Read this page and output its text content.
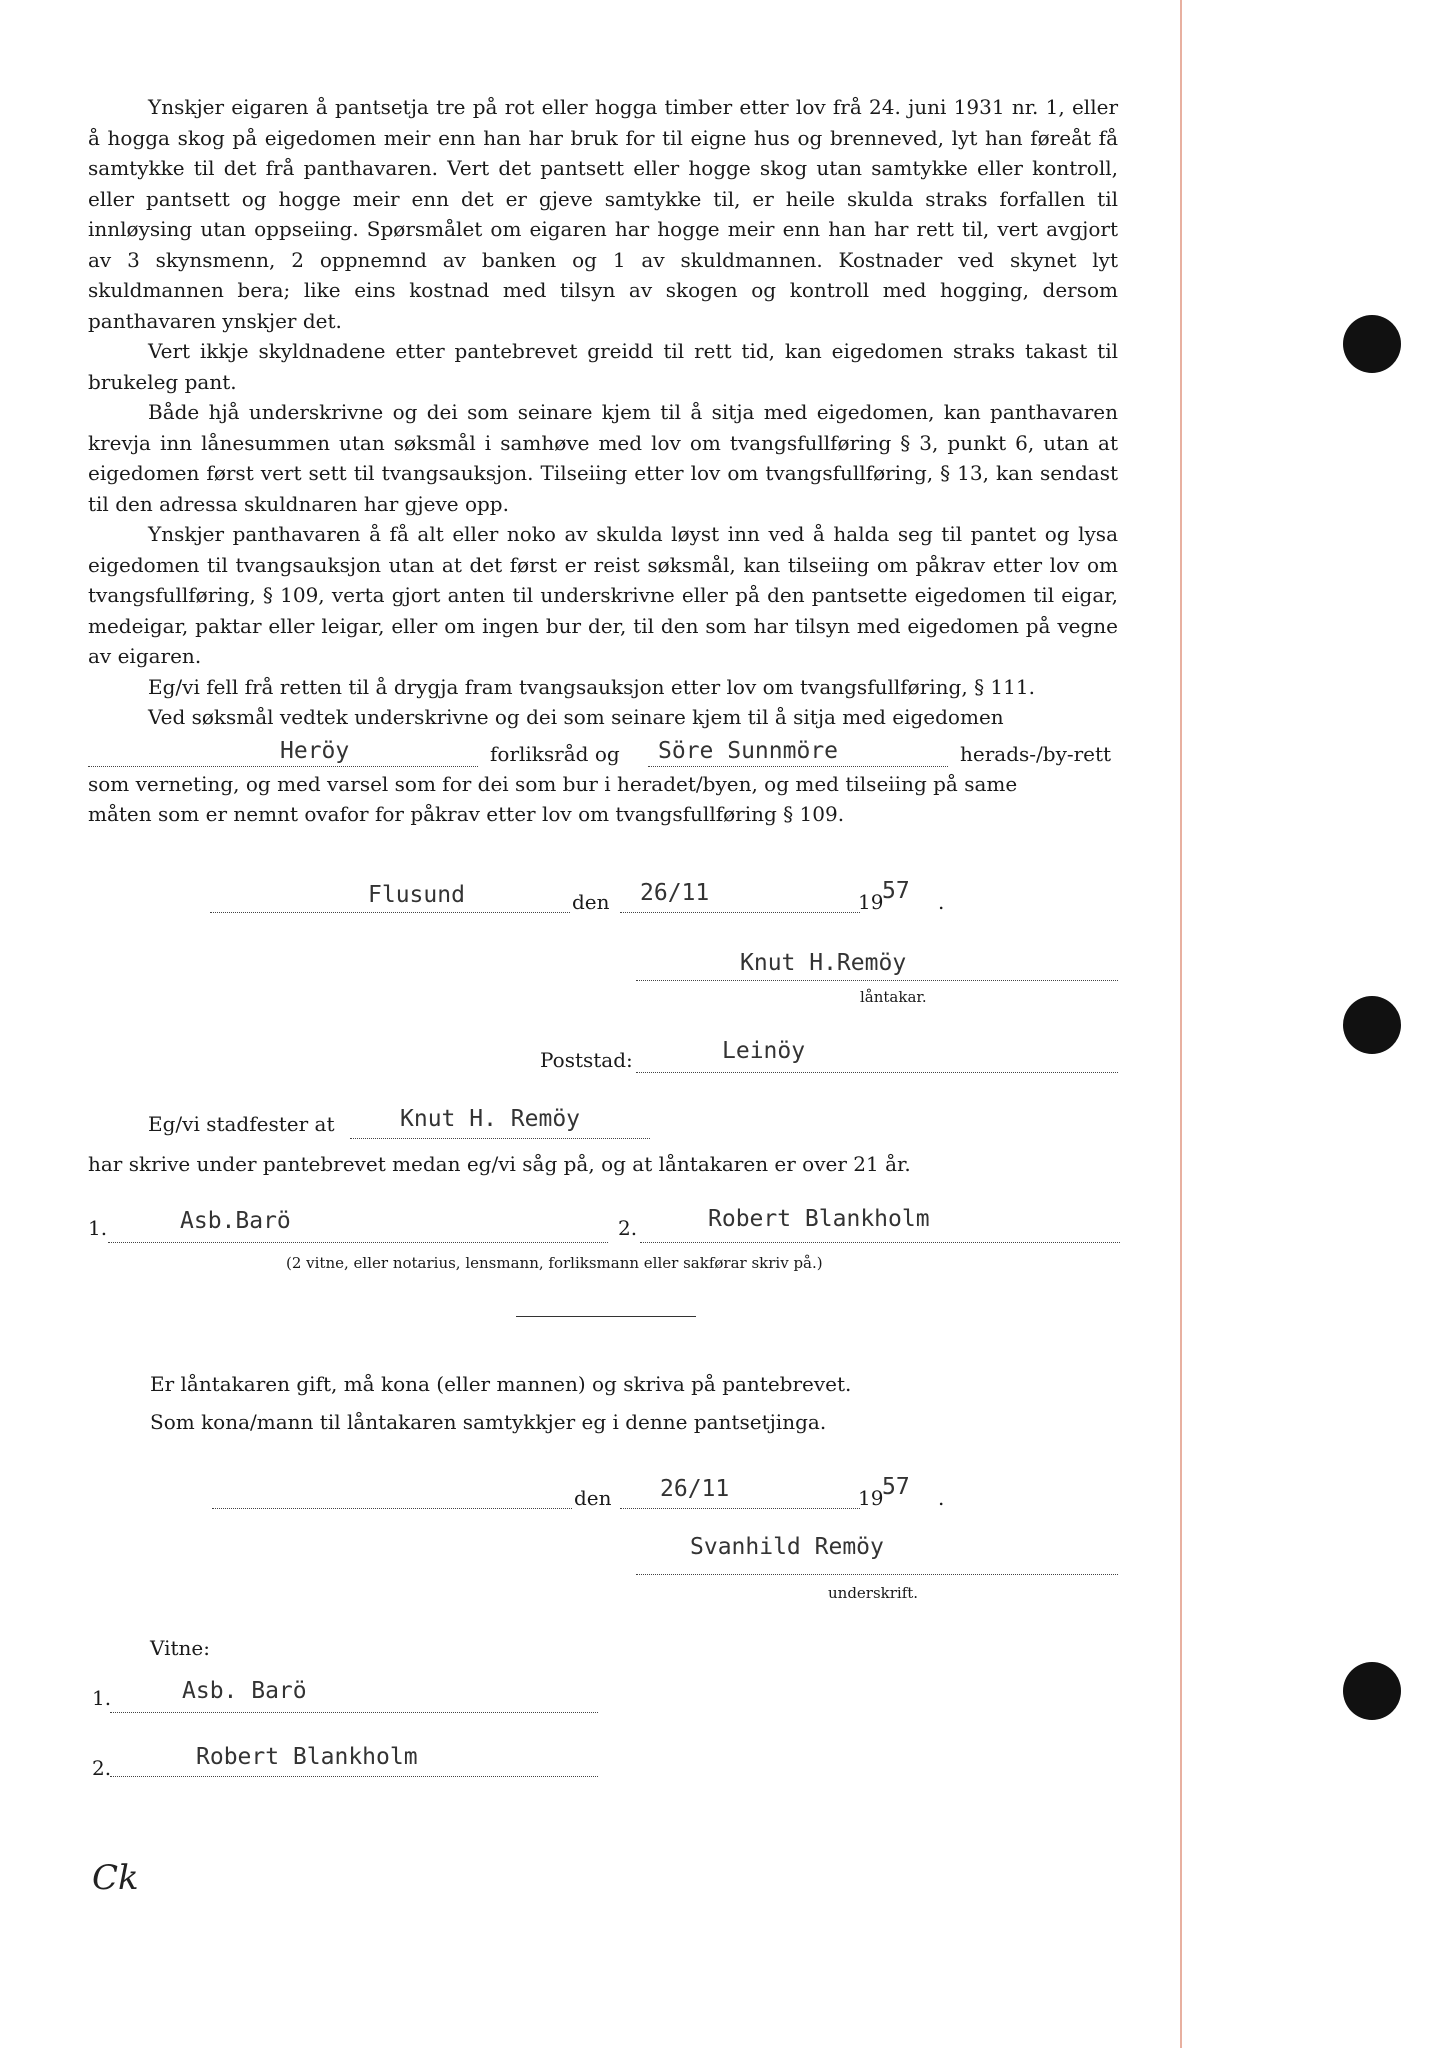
Ynskjer eigaren å pantsetja tre på rot eller hogga timber etter lov frå 24. juni 1931 nr. 1, eller å hogga skog på eigedomen meir enn han har bruk for til eigne hus og brenneved, lyt han føreåt få samtykke til det frå panthavaren. Vert det pantsett eller hogge skog utan samtykke eller kontroll, eller pantsett og hogge meir enn det er gjeve samtykke til, er heile skulda straks forfallen til innløysing utan oppseiing. Spørsmålet om eigaren har hogge meir enn han har rett til, vert avgjort av 3 skynsmenn, 2 oppnemnd av banken og 1 av skuldmannen. Kostnader ved skynet lyt skuldmannen bera; like eins kostnad med tilsyn av skogen og kontroll med hogging, dersom panthavaren ynskjer det.

Vert ikkje skyldnadene etter pantebrevet greidd til rett tid, kan eigedomen straks takast til brukeleg pant.

Både hjå underskrivne og dei som seinare kjem til å sitja med eigedomen, kan panthavaren krevja inn lånesummen utan søksmål i samhøve med lov om tvangsfullføring § 3, punkt 6, utan at eigedomen først vert sett til tvangsauksjon. Tilseiing etter lov om tvangsfullføring, § 13, kan sendast til den adressa skuldnaren har gjeve opp.

Ynskjer panthavaren å få alt eller noko av skulda løyst inn ved å halda seg til pantet og lysa eigedomen til tvangsauksjon utan at det først er reist søksmål, kan tilseiing om påkrav etter lov om tvangsfullføring, § 109, verta gjort anten til underskrivne eller på den pantsette eigedomen til eigar, medeigar, paktar eller leigar, eller om ingen bur der, til den som har tilsyn med eigedomen på vegne av eigaren.

Eg/vi fell frå retten til å drygja fram tvangsauksjon etter lov om tvangsfullføring, § 111.

Ved søksmål vedtek underskrivne og dei som seinare kjem til å sitja med eigedomen

Heröy	forliksråd og Söre Sunnmöre	herads-/by-rett
som verneting, og med varsel som for dei som bur i heradet/byen, og med tilseiing på same
måten som er nemnt ovafor for påkrav etter lov om tvangsfullføring § 109.
Flusund	den 26/11	19
57 .
Knut H.Remöy
låntakar.
Poststad:	Leinöy
Eg/vi stadfester at	Knut H. Remöy
har skrive under pantebrevet medan eg/vi såg på, og at låntakaren er over 21 år.
1.	Asb.Barö	2.	Robert Blankholm
(2 vitne, eller notarius, lensmann, forliksmann eller sakførar skriv på.)
Er låntakaren gift, må kona (eller mannen) og skriva på pantebrevet.
Som kona/mann til låntakaren samtykkjer eg i denne pantsetjinga.
den 26/11	19
57 .
Svanhild Remöy
underskrift.
Vitne:
1.	Asb. Barö
2.	Robert Blankholm
Ck
